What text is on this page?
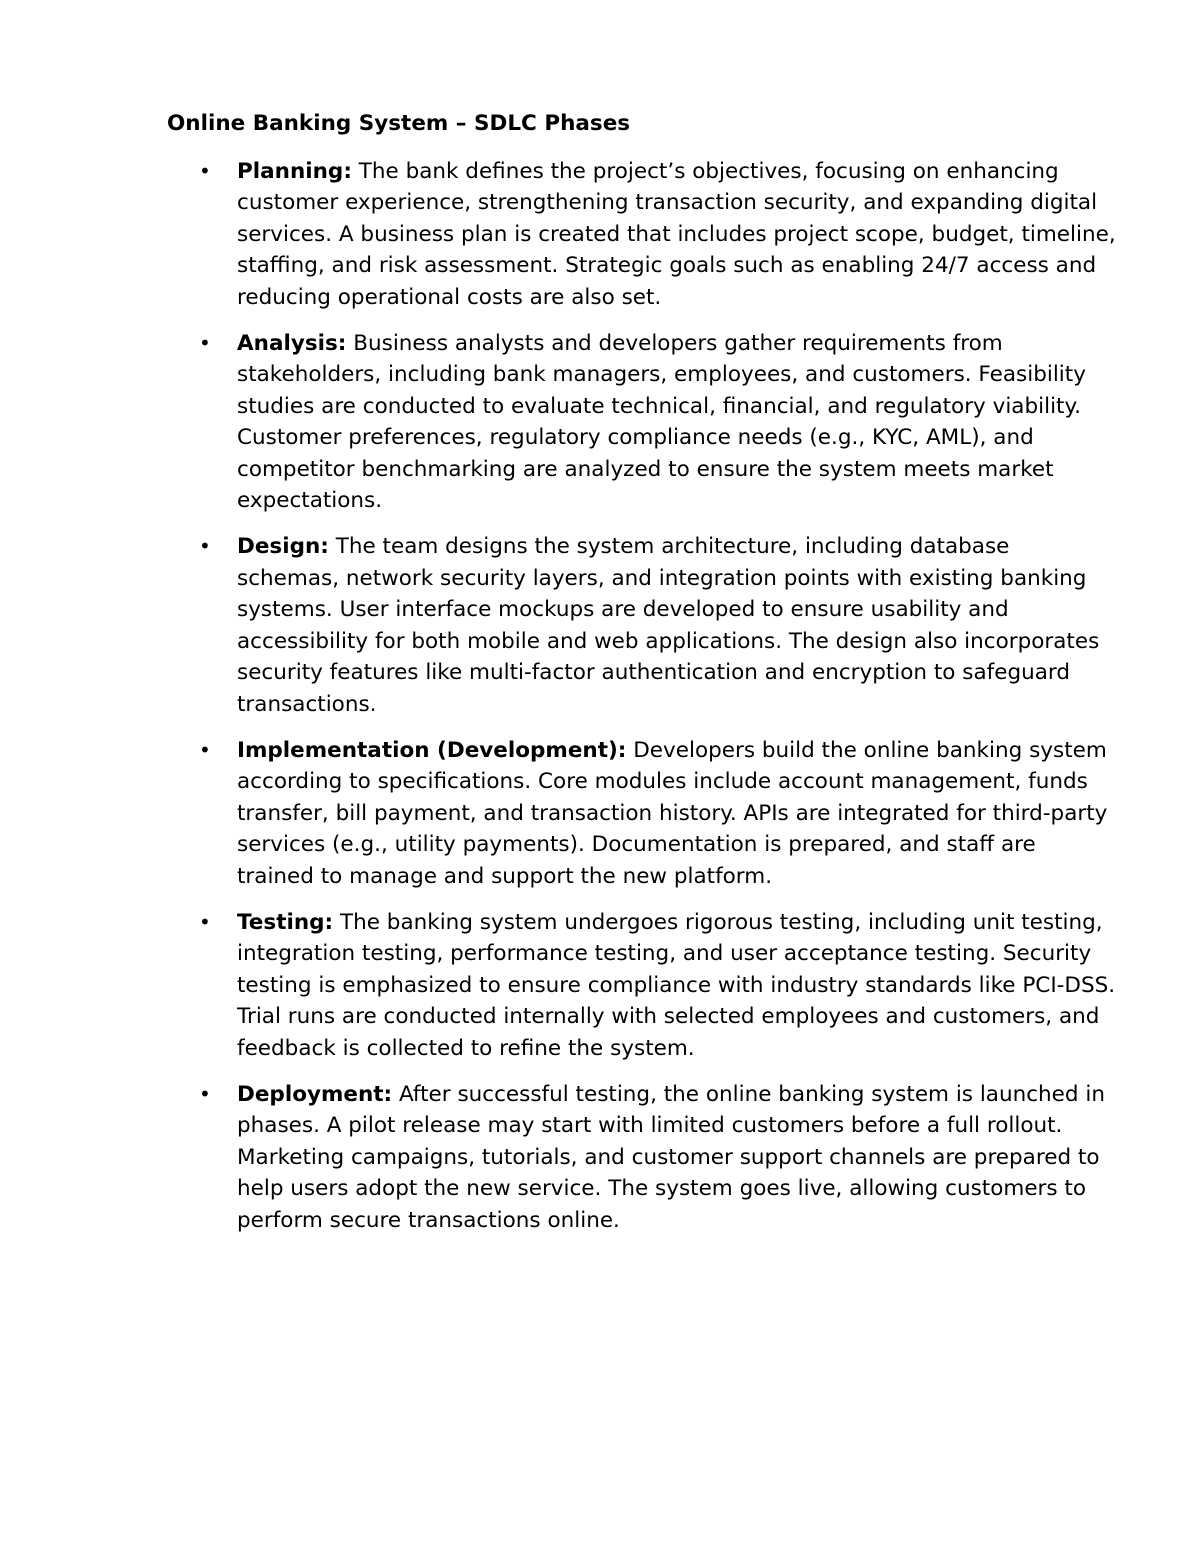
Online Banking System – SDLC Phases
• Planning: The bank defines the project’s objectives, focusing on enhancing customer experience, strengthening transaction security, and expanding digital services. A business plan is created that includes project scope, budget, timeline, staffing, and risk assessment. Strategic goals such as enabling 24/7 access and reducing operational costs are also set.
• Analysis: Business analysts and developers gather requirements from stakeholders, including bank managers, employees, and customers. Feasibility studies are conducted to evaluate technical, financial, and regulatory viability. Customer preferences, regulatory compliance needs (e.g., KYC, AML), and competitor benchmarking are analyzed to ensure the system meets market expectations.
• Design: The team designs the system architecture, including database schemas, network security layers, and integration points with existing banking systems. User interface mockups are developed to ensure usability and accessibility for both mobile and web applications. The design also incorporates security features like multi-factor authentication and encryption to safeguard transactions.
• Implementation (Development): Developers build the online banking system according to specifications. Core modules include account management, funds transfer, bill payment, and transaction history. APIs are integrated for third-party services (e.g., utility payments). Documentation is prepared, and staff are trained to manage and support the new platform.
• Testing: The banking system undergoes rigorous testing, including unit testing, integration testing, performance testing, and user acceptance testing. Security testing is emphasized to ensure compliance with industry standards like PCI-DSS. Trial runs are conducted internally with selected employees and customers, and feedback is collected to refine the system.
• Deployment: After successful testing, the online banking system is launched in phases. A pilot release may start with limited customers before a full rollout. Marketing campaigns, tutorials, and customer support channels are prepared to help users adopt the new service. The system goes live, allowing customers to perform secure transactions online.
